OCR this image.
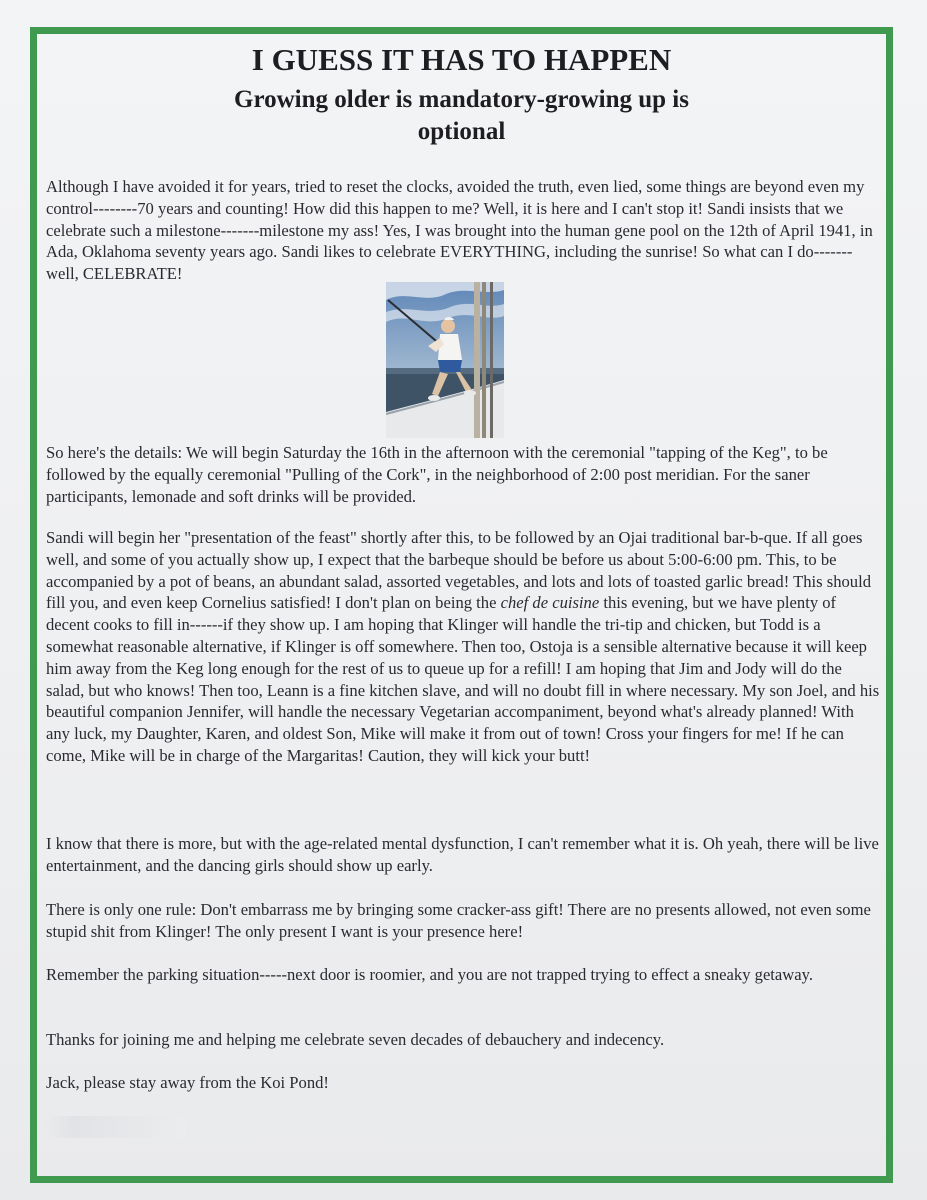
I GUESS IT HAS TO HAPPEN
Growing older is mandatory-growing up is
optional

Although I have avoided it for years, tried to reset the clocks, avoided the truth, even lied, some things are beyond even my control--------70 years and counting! How did this happen to me? Well, it is here and I can't stop it! Sandi insists that we celebrate such a milestone-------milestone my ass! Yes, I was brought into the human gene pool on the 12th of April 1941, in Ada, Oklahoma seventy years ago. Sandi likes to celebrate EVERYTHING, including the sunrise! So what can I do-------well, CELEBRATE!

So here's the details: We will begin Saturday the 16th in the afternoon with the ceremonial "tapping of the Keg", to be followed by the equally ceremonial "Pulling of the Cork", in the neighborhood of 2:00 post meridian. For the saner participants, lemonade and soft drinks will be provided.

Sandi will begin her "presentation of the feast" shortly after this, to be followed by an Ojai traditional bar-b-que. If all goes well, and some of you actually show up, I expect that the barbeque should be before us about 5:00-6:00 pm. This, to be accompanied by a pot of beans, an abundant salad, assorted vegetables, and lots and lots of toasted garlic bread! This should fill you, and even keep Cornelius satisfied! I don't plan on being the chef de cuisine this evening, but we have plenty of decent cooks to fill in------if they show up. I am hoping that Klinger will handle the tri-tip and chicken, but Todd is a somewhat reasonable alternative, if Klinger is off somewhere. Then too, Ostoja is a sensible alternative because it will keep him away from the Keg long enough for the rest of us to queue up for a refill! I am hoping that Jim and Jody will do the salad, but who knows! Then too, Leann is a fine kitchen slave, and will no doubt fill in where necessary. My son Joel, and his beautiful companion Jennifer, will handle the necessary Vegetarian accompaniment, beyond what's already planned! With any luck, my Daughter, Karen, and oldest Son, Mike will make it from out of town! Cross your fingers for me! If he can come, Mike will be in charge of the Margaritas! Caution, they will kick your butt!

I know that there is more, but with the age-related mental dysfunction, I can't remember what it is. Oh yeah, there will be live entertainment, and the dancing girls should show up early.

There is only one rule: Don't embarrass me by bringing some cracker-ass gift! There are no presents allowed, not even some stupid shit from Klinger! The only present I want is your presence here!

Remember the parking situation-----next door is roomier, and you are not trapped trying to effect a sneaky getaway.

Thanks for joining me and helping me celebrate seven decades of debauchery and indecency.

Jack, please stay away from the Koi Pond!
